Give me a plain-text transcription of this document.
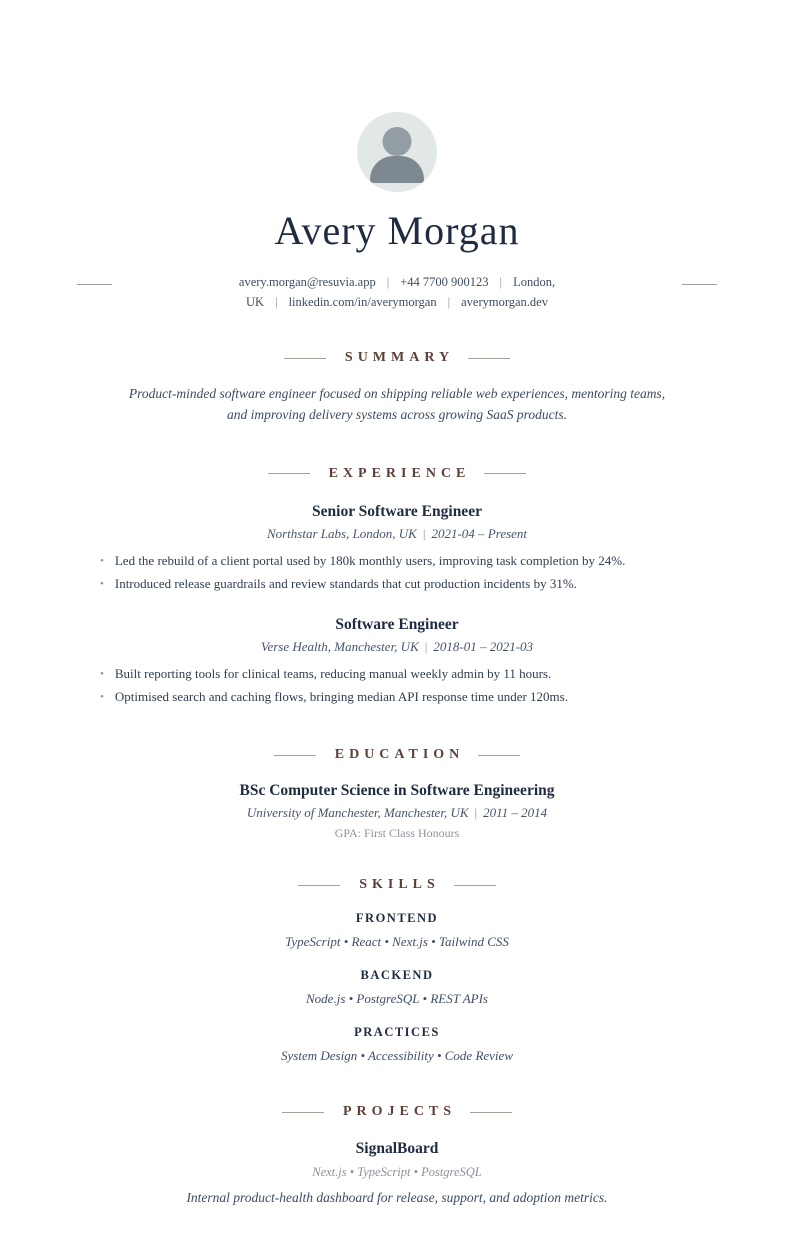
Avery Morgan
avery.morgan@resuvia.app | +44 7700 900123 | London, UK | linkedin.com/in/averymorgan | averymorgan.dev
SUMMARY

Product-minded software engineer focused on shipping reliable web experiences, mentoring teams, and improving delivery systems across growing SaaS products.

EXPERIENCE
Senior Software Engineer
Northstar Labs, London, UK | 2021-04 – Present
• Led the rebuild of a client portal used by 180k monthly users, improving task completion by 24%.
• Introduced release guardrails and review standards that cut production incidents by 31%.
Software Engineer
Verse Health, Manchester, UK | 2018-01 – 2021-03
• Built reporting tools for clinical teams, reducing manual weekly admin by 11 hours.
• Optimised search and caching flows, bringing median API response time under 120ms.
EDUCATION
BSc Computer Science in Software Engineering
University of Manchester, Manchester, UK | 2011 – 2014
GPA: First Class Honours
SKILLS
FRONTEND
TypeScript • React • Next.js • Tailwind CSS
BACKEND
Node.js • PostgreSQL • REST APIs
PRACTICES
System Design • Accessibility • Code Review
PROJECTS
SignalBoard
Next.js • TypeScript • PostgreSQL
Internal product-health dashboard for release, support, and adoption metrics.
